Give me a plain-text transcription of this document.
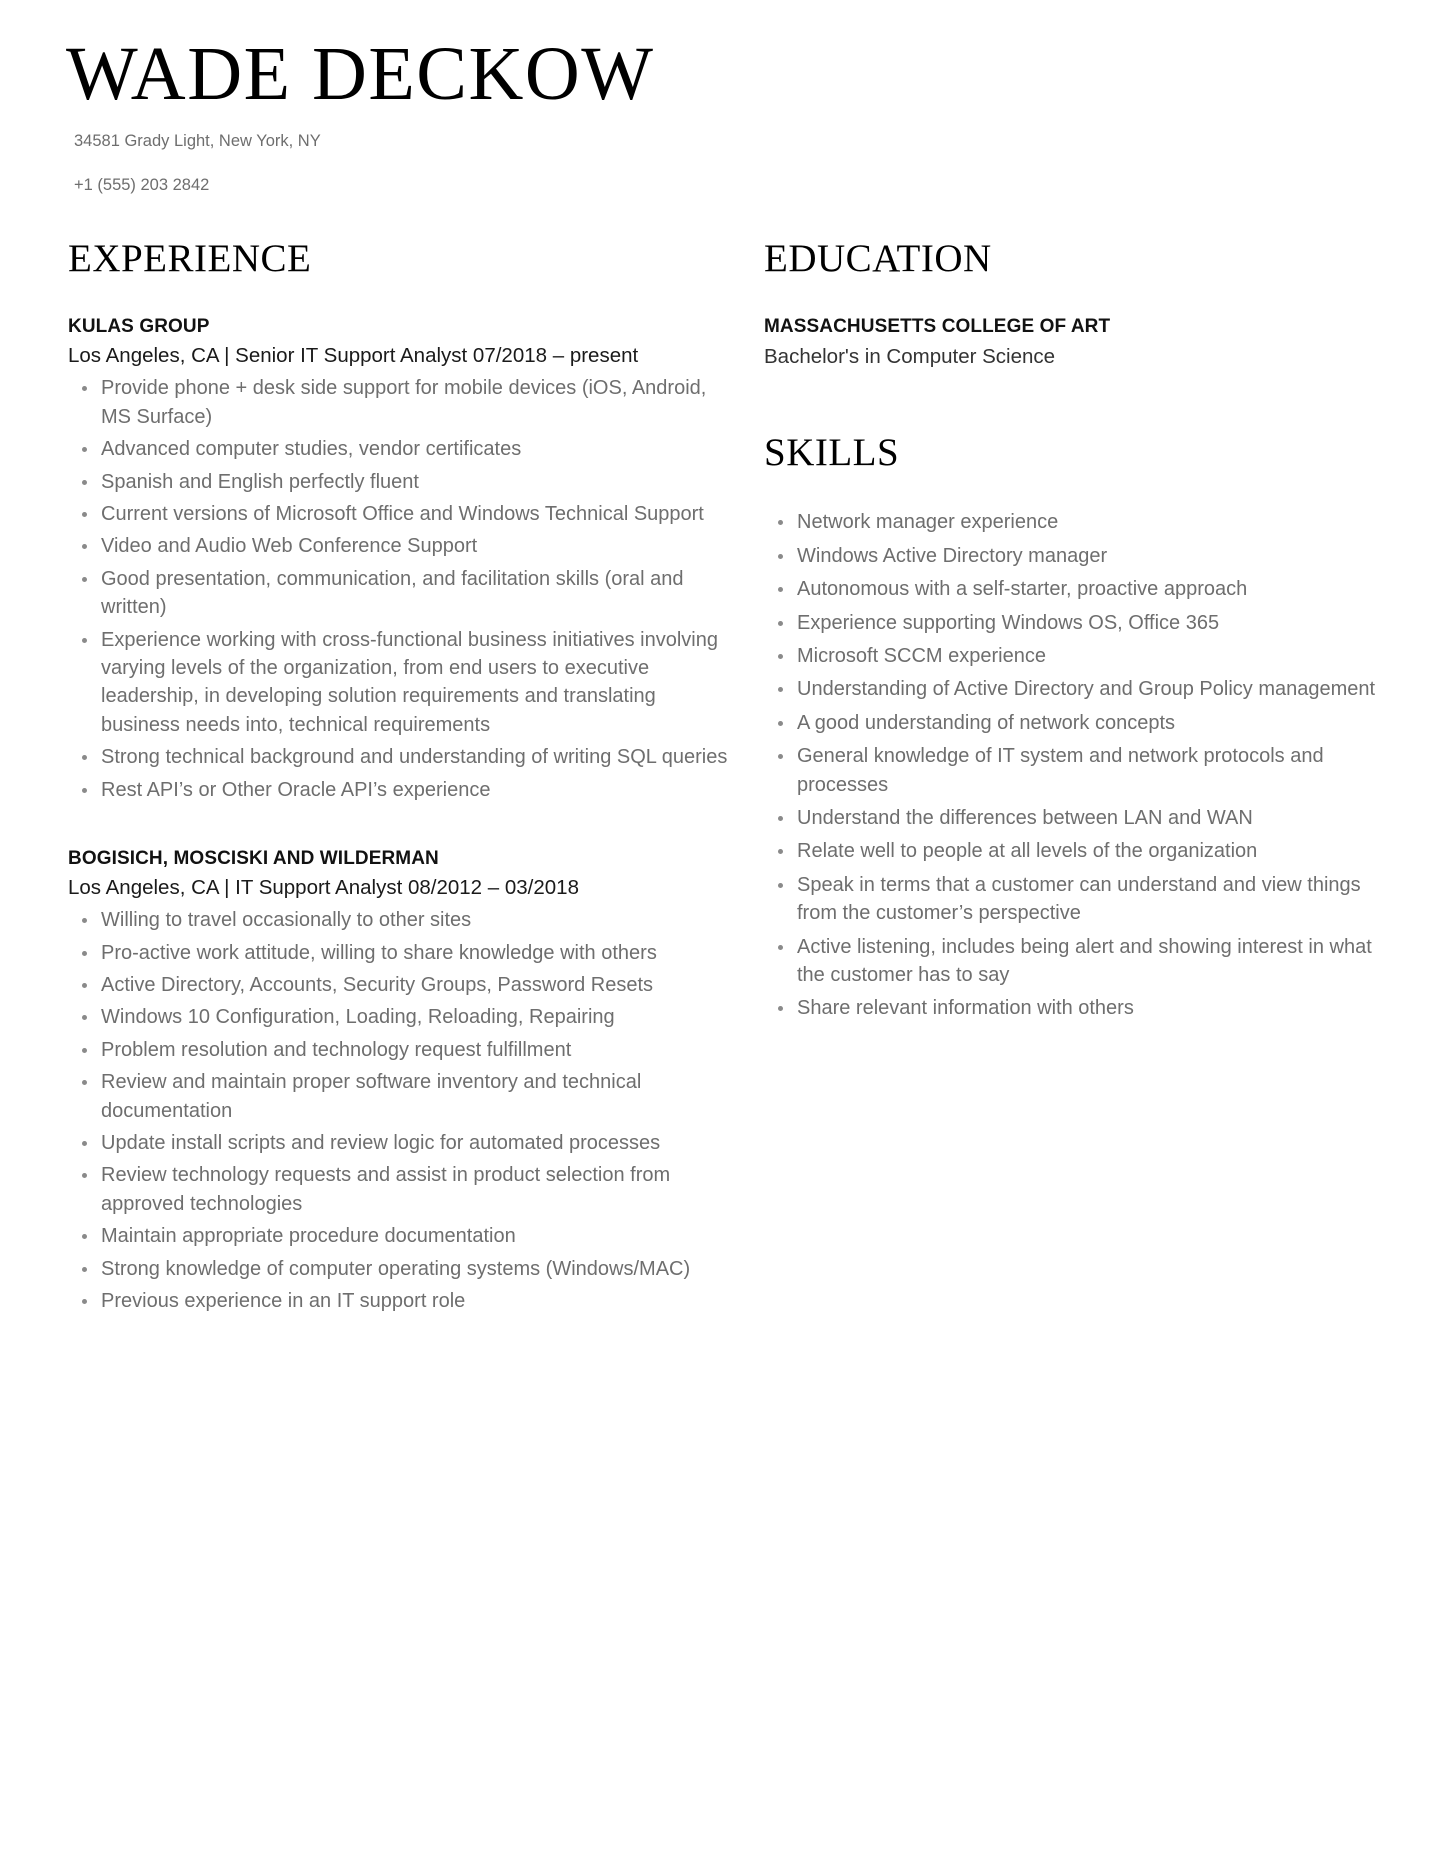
WADE DECKOW
34581 Grady Light, New York, NY
+1 (555) 203 2842
EXPERIENCE
KULAS GROUP
Los Angeles, CA | Senior IT Support Analyst 07/2018 – present
Provide phone + desk side support for mobile devices (iOS, Android, MS Surface)
Advanced computer studies, vendor certificates
Spanish and English perfectly fluent
Current versions of Microsoft Office and Windows Technical Support
Video and Audio Web Conference Support
Good presentation, communication, and facilitation skills (oral and written)
Experience working with cross-functional business initiatives involving varying levels of the organization, from end users to executive leadership, in developing solution requirements and translating business needs into, technical requirements
Strong technical background and understanding of writing SQL queries
Rest API’s or Other Oracle API’s experience
BOGISICH, MOSCISKI AND WILDERMAN
Los Angeles, CA | IT Support Analyst 08/2012 – 03/2018
Willing to travel occasionally to other sites
Pro-active work attitude, willing to share knowledge with others
Active Directory, Accounts, Security Groups, Password Resets
Windows 10 Configuration, Loading, Reloading, Repairing
Problem resolution and technology request fulfillment
Review and maintain proper software inventory and technical documentation
Update install scripts and review logic for automated processes
Review technology requests and assist in product selection from approved technologies
Maintain appropriate procedure documentation
Strong knowledge of computer operating systems (Windows/MAC)
Previous experience in an IT support role
EDUCATION
MASSACHUSETTS COLLEGE OF ART
Bachelor's in Computer Science
SKILLS
Network manager experience
Windows Active Directory manager
Autonomous with a self-starter, proactive approach
Experience supporting Windows OS, Office 365
Microsoft SCCM experience
Understanding of Active Directory and Group Policy management
A good understanding of network concepts
General knowledge of IT system and network protocols and processes
Understand the differences between LAN and WAN
Relate well to people at all levels of the organization
Speak in terms that a customer can understand and view things from the customer’s perspective
Active listening, includes being alert and showing interest in what the customer has to say
Share relevant information with others
